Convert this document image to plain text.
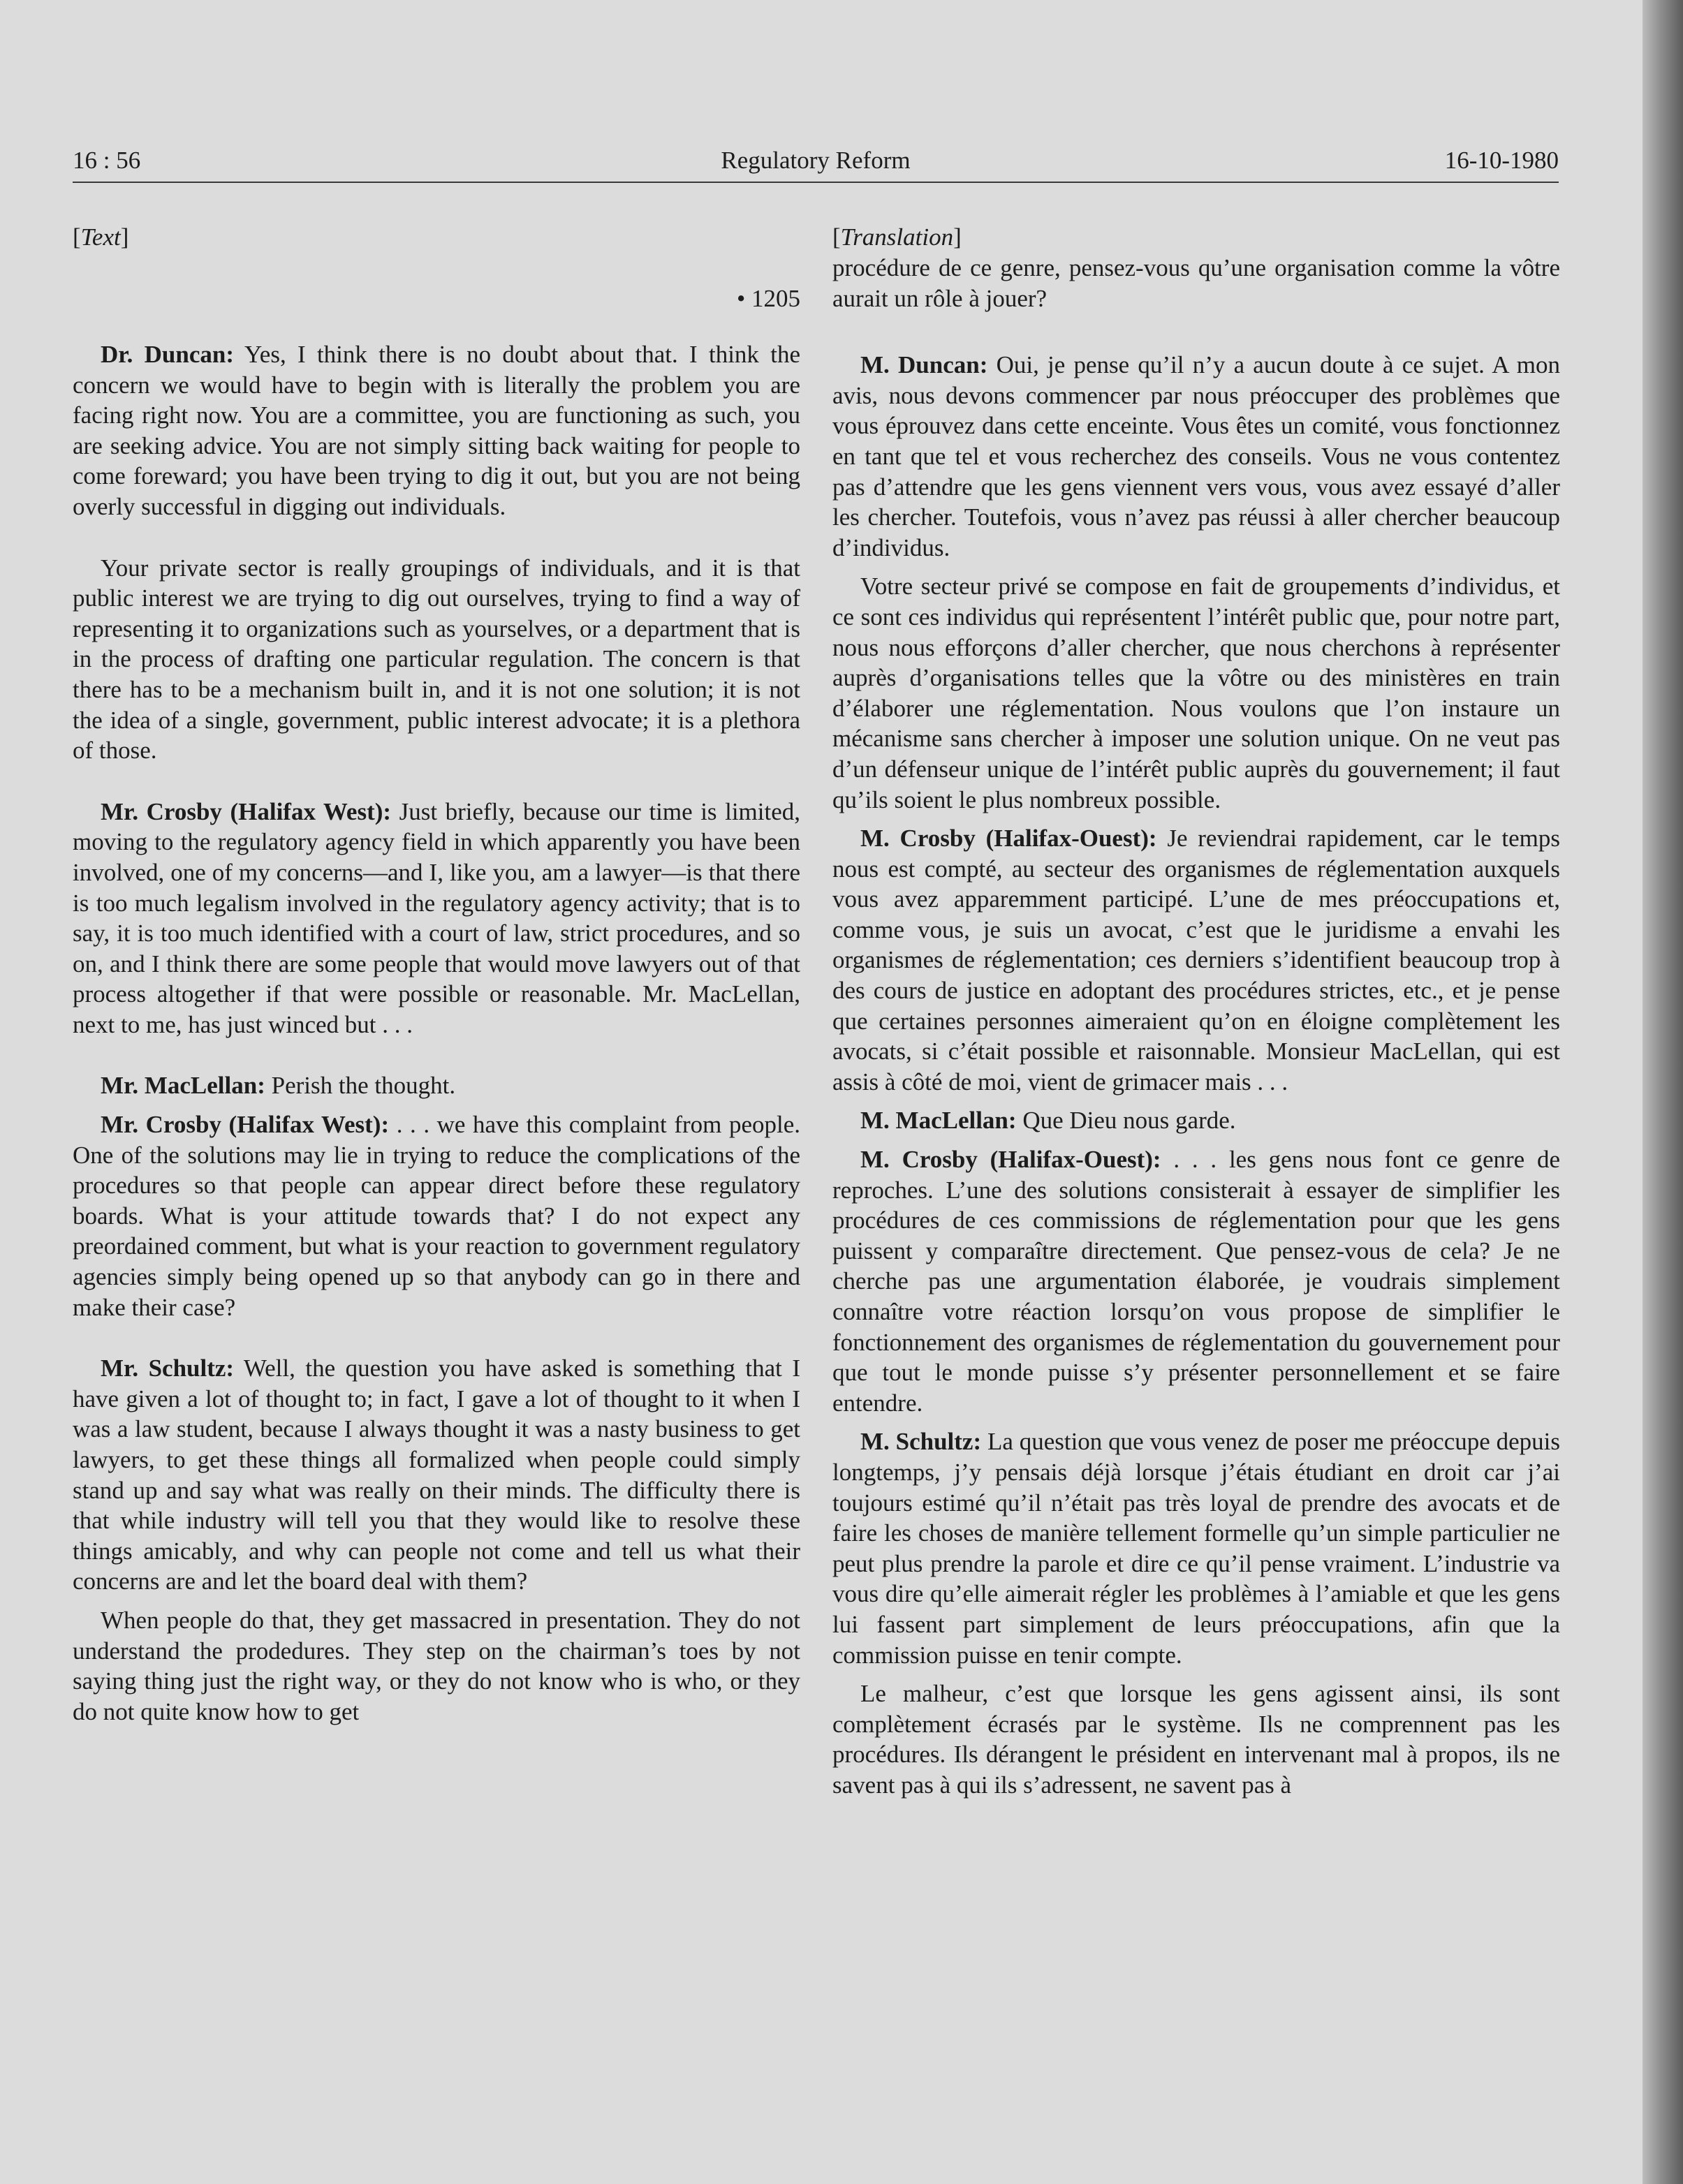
16 : 56	Regulatory Reform	16-10-1980
[Text]
• 1205

Dr. Duncan: Yes, I think there is no doubt about that. I think the concern we would have to begin with is literally the problem you are facing right now. You are a committee, you are functioning as such, you are seeking advice. You are not simply sitting back waiting for people to come foreward; you have been trying to dig it out, but you are not being overly successful in digging out individuals.

Your private sector is really groupings of individuals, and it is that public interest we are trying to dig out ourselves, trying to find a way of representing it to organizations such as yourselves, or a department that is in the process of drafting one particular regulation. The concern is that there has to be a mechanism built in, and it is not one solution; it is not the idea of a single, government, public interest advocate; it is a plethora of those.

Mr. Crosby (Halifax West): Just briefly, because our time is limited, moving to the regulatory agency field in which apparently you have been involved, one of my concerns—and I, like you, am a lawyer—is that there is too much legalism involved in the regulatory agency activity; that is to say, it is too much identified with a court of law, strict procedures, and so on, and I think there are some people that would move lawyers out of that process altogether if that were possible or reasonable. Mr. MacLellan, next to me, has just winced but . . .

Mr. MacLellan: Perish the thought.

Mr. Crosby (Halifax West): . . . we have this complaint from people. One of the solutions may lie in trying to reduce the complications of the procedures so that people can appear direct before these regulatory boards. What is your attitude towards that? I do not expect any preordained comment, but what is your reaction to government regulatory agencies simply being opened up so that anybody can go in there and make their case?

Mr. Schultz: Well, the question you have asked is something that I have given a lot of thought to; in fact, I gave a lot of thought to it when I was a law student, because I always thought it was a nasty business to get lawyers, to get these things all formalized when people could simply stand up and say what was really on their minds. The difficulty there is that while industry will tell you that they would like to resolve these things amicably, and why can people not come and tell us what their concerns are and let the board deal with them?

When people do that, they get massacred in presentation. They do not understand the prodedures. They step on the chairman’s toes by not saying thing just the right way, or they do not know who is who, or they do not quite know how to get

[Translation]

procédure de ce genre, pensez-vous qu’une organisation comme la vôtre aurait un rôle à jouer?

M. Duncan: Oui, je pense qu’il n’y a aucun doute à ce sujet. A mon avis, nous devons commencer par nous préoccuper des problèmes que vous éprouvez dans cette enceinte. Vous êtes un comité, vous fonctionnez en tant que tel et vous recherchez des conseils. Vous ne vous contentez pas d’attendre que les gens viennent vers vous, vous avez essayé d’aller les chercher. Toutefois, vous n’avez pas réussi à aller chercher beaucoup d’individus.

Votre secteur privé se compose en fait de groupements d’individus, et ce sont ces individus qui représentent l’intérêt public que, pour notre part, nous nous efforçons d’aller chercher, que nous cherchons à représenter auprès d’organisations telles que la vôtre ou des ministères en train d’élaborer une réglementation. Nous voulons que l’on instaure un mécanisme sans chercher à imposer une solution unique. On ne veut pas d’un défenseur unique de l’intérêt public auprès du gouvernement; il faut qu’ils soient le plus nombreux possible.

M. Crosby (Halifax-Ouest): Je reviendrai rapidement, car le temps nous est compté, au secteur des organismes de réglementation auxquels vous avez apparemment participé. L’une de mes préoccupations et, comme vous, je suis un avocat, c’est que le juridisme a envahi les organismes de réglementation; ces derniers s’identifient beaucoup trop à des cours de justice en adoptant des procédures strictes, etc., et je pense que certaines personnes aimeraient qu’on en éloigne complètement les avocats, si c’était possible et raisonnable. Monsieur MacLellan, qui est assis à côté de moi, vient de grimacer mais . . .

M. MacLellan: Que Dieu nous garde.

M. Crosby (Halifax-Ouest): . . . les gens nous font ce genre de reproches. L’une des solutions consisterait à essayer de simplifier les procédures de ces commissions de réglementation pour que les gens puissent y comparaître directement. Que pensez-vous de cela? Je ne cherche pas une argumentation élaborée, je voudrais simplement connaître votre réaction lorsqu’on vous propose de simplifier le fonctionnement des organismes de réglementation du gouvernement pour que tout le monde puisse s’y présenter personnellement et se faire entendre.

M. Schultz: La question que vous venez de poser me préoccupe depuis longtemps, j’y pensais déjà lorsque j’étais étudiant en droit car j’ai toujours estimé qu’il n’était pas très loyal de prendre des avocats et de faire les choses de manière tellement formelle qu’un simple particulier ne peut plus prendre la parole et dire ce qu’il pense vraiment. L’industrie va vous dire qu’elle aimerait régler les problèmes à l’amiable et que les gens lui fassent part simplement de leurs préoccupations, afin que la commission puisse en tenir compte.

Le malheur, c’est que lorsque les gens agissent ainsi, ils sont complètement écrasés par le système. Ils ne comprennent pas les procédures. Ils dérangent le président en intervenant mal à propos, ils ne savent pas à qui ils s’adressent, ne savent pas à
